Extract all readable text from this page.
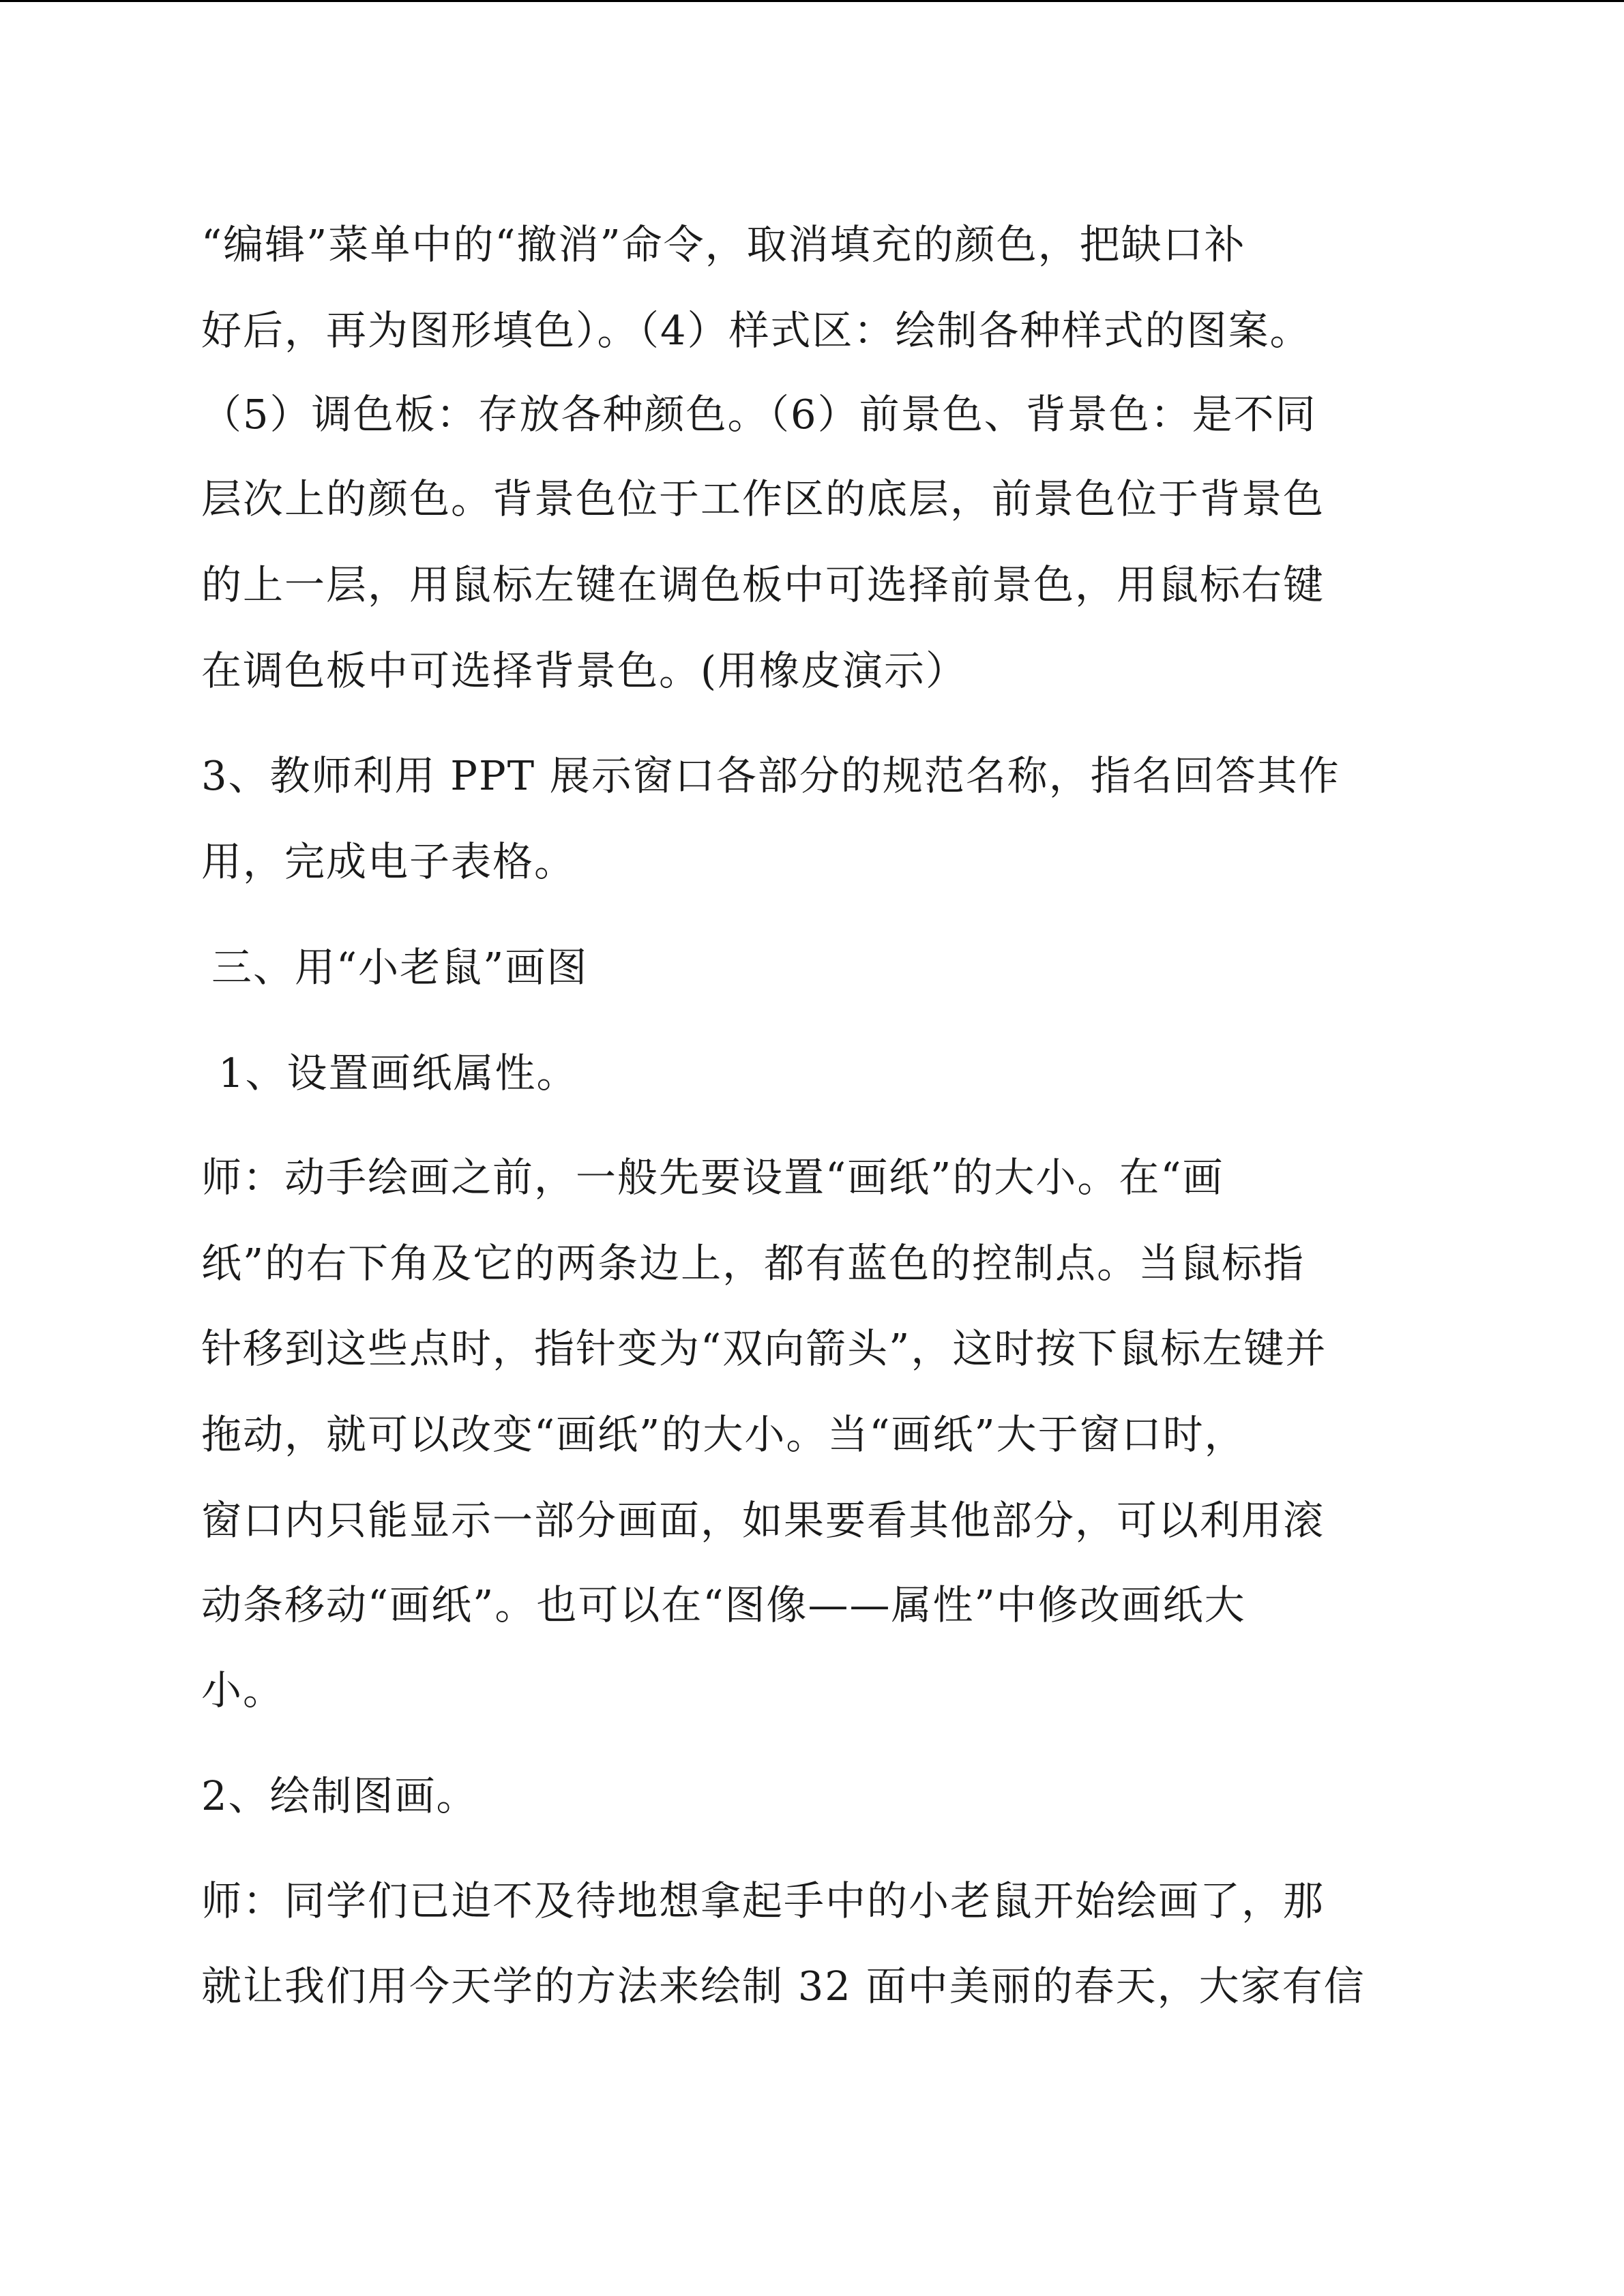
“编辑”菜单中的“撤消”命令，取消填充的颜色，把缺口补
好后，再为图形填色）。（4）样式区：绘制各种样式的图案。
（5）调色板：存放各种颜色。（6）前景色、背景色：是不同
层次上的颜色。背景色位于工作区的底层，前景色位于背景色
的上一层，用鼠标左键在调色板中可选择前景色，用鼠标右键
在调色板中可选择背景色。(用橡皮演示）
3、教师利用 PPT 展示窗口各部分的规范名称，指名回答其作
用，完成电子表格。
三、用“小老鼠”画图
1、设置画纸属性。
师：动手绘画之前，一般先要设置“画纸”的大小。在“画
纸”的右下角及它的两条边上，都有蓝色的控制点。当鼠标指
针移到这些点时，指针变为“双向箭头”，这时按下鼠标左键并
拖动，就可以改变“画纸”的大小。当“画纸”大于窗口时，
窗口内只能显示一部分画面，如果要看其他部分，可以利用滚
动条移动“画纸”。也可以在“图像——属性”中修改画纸大
小。
2、绘制图画。
师：同学们已迫不及待地想拿起手中的小老鼠开始绘画了，那
就让我们用今天学的方法来绘制 32 面中美丽的春天，大家有信
